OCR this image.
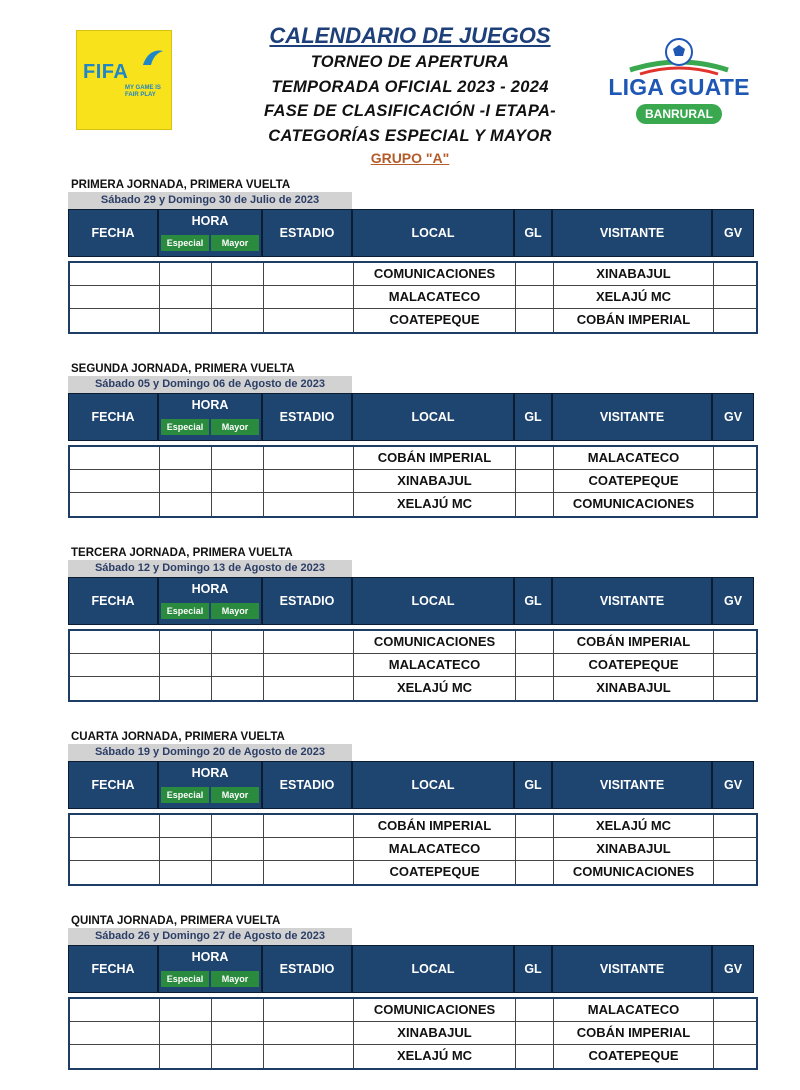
FIFA
MY GAME IS FAIR PLAY
CALENDARIO DE JUEGOS
TORNEO DE APERTURA
TEMPORADA OFICIAL 2023 - 2024
FASE DE CLASIFICACIÓN -I ETAPA-
CATEGORÍAS ESPECIAL Y MAYOR
GRUPO "A"
LIGA GUATE
BANRURAL
PRIMERA JORNADA, PRIMERA VUELTA
Sábado 29 y Domingo 30 de Julio de 2023
FECHA
HORA
Especial	Mayor
ESTADIO	LOCAL	GL	VISITANTE	GV
COMUNICACIONES	XINABAJUL
MALACATECO	XELAJÚ MC
COATEPEQUE	COBÁN IMPERIAL
SEGUNDA JORNADA, PRIMERA VUELTA
Sábado 05 y Domingo 06 de Agosto de 2023
FECHA
HORA
Especial	Mayor
ESTADIO	LOCAL	GL	VISITANTE	GV
COBÁN IMPERIAL	MALACATECO
XINABAJUL	COATEPEQUE
XELAJÚ MC	COMUNICACIONES
TERCERA JORNADA, PRIMERA VUELTA
Sábado 12 y Domingo 13 de Agosto de 2023
FECHA
HORA
Especial	Mayor
ESTADIO	LOCAL	GL	VISITANTE	GV
COMUNICACIONES	COBÁN IMPERIAL
MALACATECO	COATEPEQUE
XELAJÚ MC	XINABAJUL
CUARTA JORNADA, PRIMERA VUELTA
Sábado 19 y Domingo 20 de Agosto de 2023
FECHA
HORA
Especial	Mayor
ESTADIO	LOCAL	GL	VISITANTE	GV
COBÁN IMPERIAL	XELAJÚ MC
MALACATECO	XINABAJUL
COATEPEQUE	COMUNICACIONES
QUINTA JORNADA, PRIMERA VUELTA
Sábado 26 y Domingo 27 de Agosto de 2023
FECHA
HORA
Especial	Mayor
ESTADIO	LOCAL	GL	VISITANTE	GV
COMUNICACIONES	MALACATECO
XINABAJUL	COBÁN IMPERIAL
XELAJÚ MC	COATEPEQUE
